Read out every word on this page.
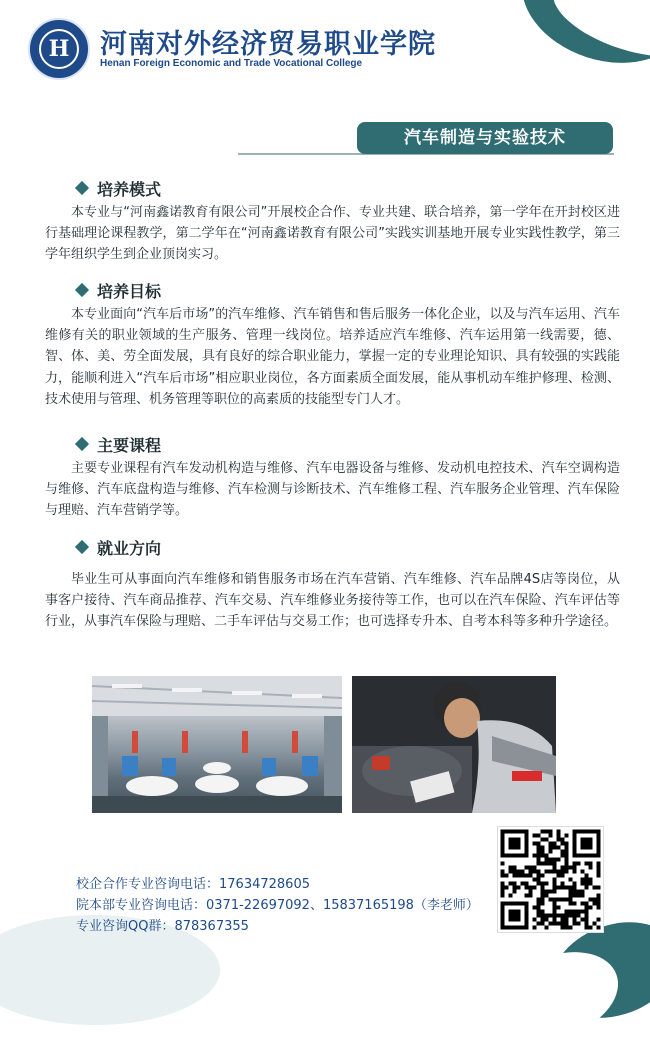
H 河南对外经济贸易职业学院
Henan Foreign Economic and Trade Vocational College
汽车制造与实验技术
培养模式
本专业与“河南鑫诺教育有限公司”开展校企合作、专业共建、联合培养，第一学年在开封校区进行基础理论课程教学，第二学年在“河南鑫诺教育有限公司”实践实训基地开展专业实践性教学，第三学年组织学生到企业顶岗实习。
培养目标
本专业面向“汽车后市场”的汽车维修、汽车销售和售后服务一体化企业，以及与汽车运用、汽车维修有关的职业领域的生产服务、管理一线岗位。培养适应汽车维修、汽车运用第一线需要，德、智、体、美、劳全面发展，具有良好的综合职业能力，掌握一定的专业理论知识、具有较强的实践能力，能顺利进入“汽车后市场”相应职业岗位，各方面素质全面发展，能从事机动车维护修理、检测、技术使用与管理、机务管理等职位的高素质的技能型专门人才。
主要课程
主要专业课程有汽车发动机构造与维修、汽车电器设备与维修、发动机电控技术、汽车空调构造与维修、汽车底盘构造与维修、汽车检测与诊断技术、汽车维修工程、汽车服务企业管理、汽车保险与理赔、汽车营销学等。
就业方向
毕业生可从事面向汽车维修和销售服务市场在汽车营销、汽车维修、汽车品牌4S店等岗位，从事客户接待、汽车商品推荐、汽车交易、汽车维修业务接待等工作，也可以在汽车保险、汽车评估等行业，从事汽车保险与理赔、二手车评估与交易工作；也可选择专升本、自考本科等多种升学途径。
校企合作专业咨询电话：17634728605
院本部专业咨询电话：0371-22697092、15837165198（李老师）
专业咨询QQ群：878367355
